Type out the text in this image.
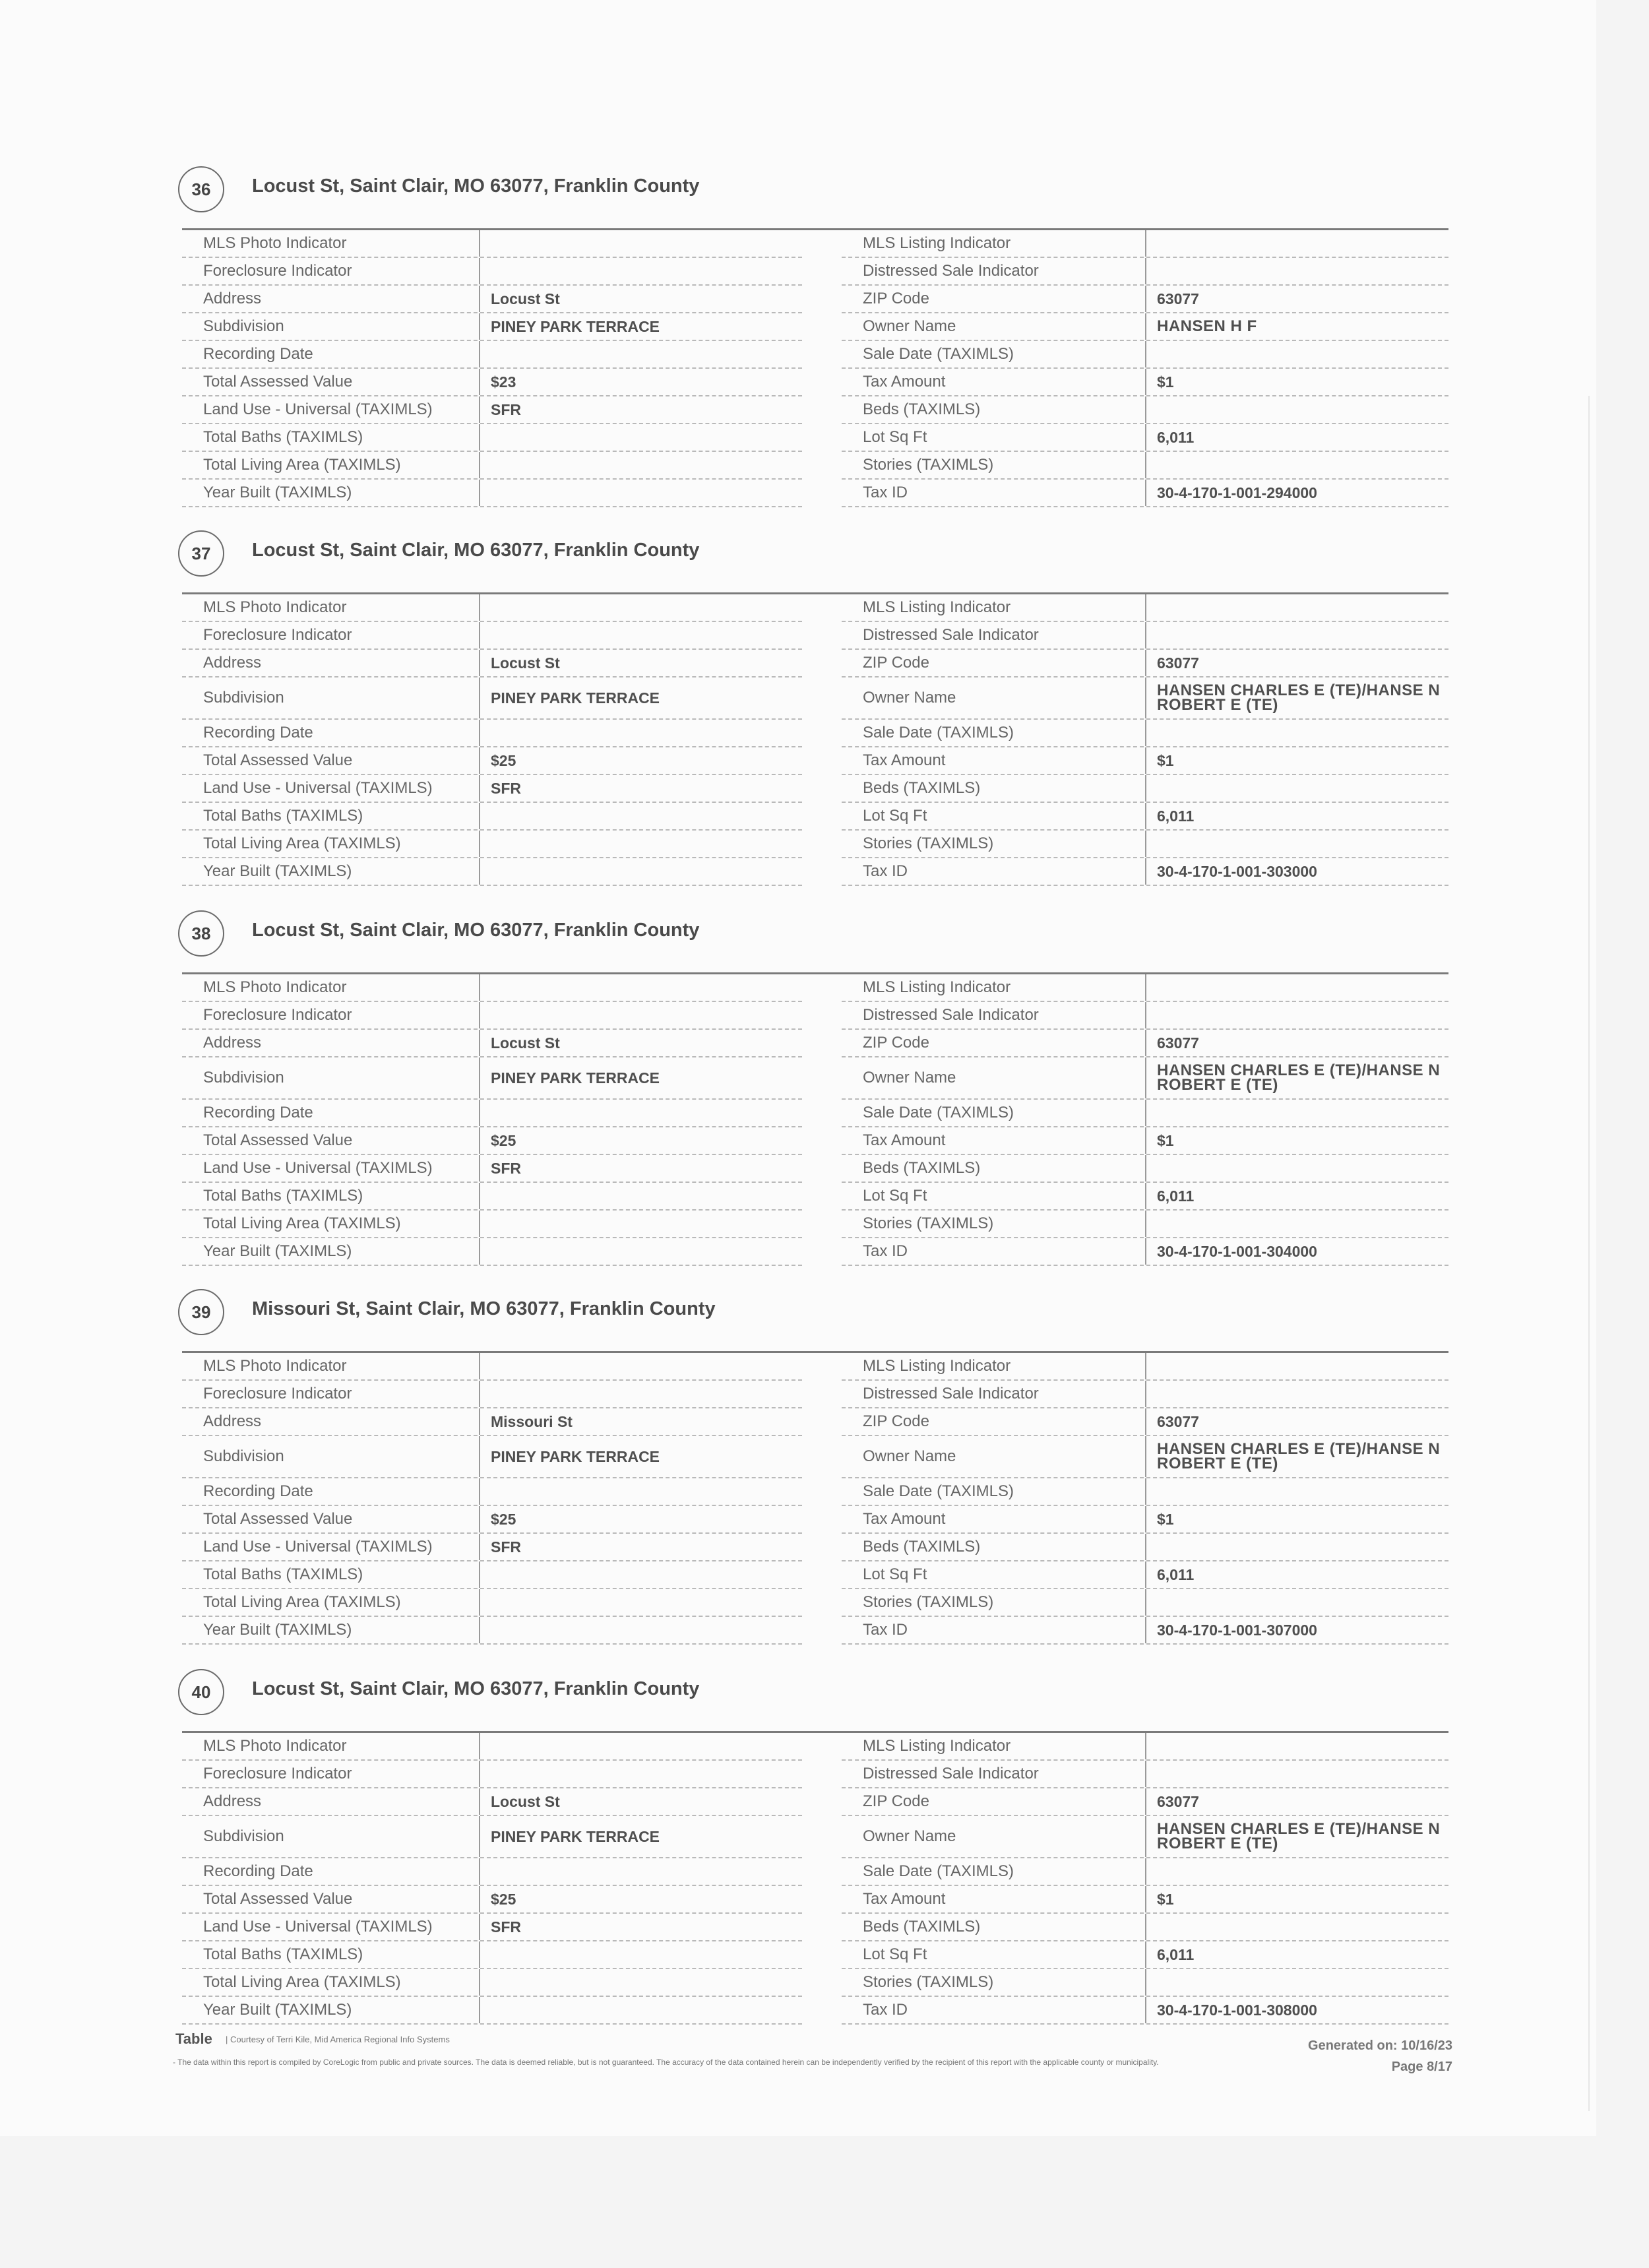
36	Locust St, Saint Clair, MO 63077, Franklin County
MLS Photo Indicator
Foreclosure Indicator
Address	Locust St
Subdivision	PINEY PARK TERRACE
Recording Date
Total Assessed Value	$23
Land Use - Universal (TAXIMLS)	SFR
Total Baths (TAXIMLS)
Total Living Area (TAXIMLS)
Year Built (TAXIMLS)
MLS Listing Indicator
Distressed Sale Indicator
ZIP Code	63077
Owner Name	HANSEN H F
Sale Date (TAXIMLS)
Tax Amount	$1
Beds (TAXIMLS)
Lot Sq Ft	6,011
Stories (TAXIMLS)
Tax ID	30-4-170-1-001-294000
37	Locust St, Saint Clair, MO 63077, Franklin County
MLS Photo Indicator
Foreclosure Indicator
Address	Locust St
Subdivision	PINEY PARK TERRACE
Recording Date
Total Assessed Value	$25
Land Use - Universal (TAXIMLS)	SFR
Total Baths (TAXIMLS)
Total Living Area (TAXIMLS)
Year Built (TAXIMLS)
MLS Listing Indicator
Distressed Sale Indicator
ZIP Code	63077
Owner Name	HANSEN CHARLES E (TE)/HANSE N ROBERT E (TE)
Sale Date (TAXIMLS)
Tax Amount	$1
Beds (TAXIMLS)
Lot Sq Ft	6,011
Stories (TAXIMLS)
Tax ID	30-4-170-1-001-303000
38	Locust St, Saint Clair, MO 63077, Franklin County
MLS Photo Indicator
Foreclosure Indicator
Address	Locust St
Subdivision	PINEY PARK TERRACE
Recording Date
Total Assessed Value	$25
Land Use - Universal (TAXIMLS)	SFR
Total Baths (TAXIMLS)
Total Living Area (TAXIMLS)
Year Built (TAXIMLS)
MLS Listing Indicator
Distressed Sale Indicator
ZIP Code	63077
Owner Name	HANSEN CHARLES E (TE)/HANSE N ROBERT E (TE)
Sale Date (TAXIMLS)
Tax Amount	$1
Beds (TAXIMLS)
Lot Sq Ft	6,011
Stories (TAXIMLS)
Tax ID	30-4-170-1-001-304000
39	Missouri St, Saint Clair, MO 63077, Franklin County
MLS Photo Indicator
Foreclosure Indicator
Address	Missouri St
Subdivision	PINEY PARK TERRACE
Recording Date
Total Assessed Value	$25
Land Use - Universal (TAXIMLS)	SFR
Total Baths (TAXIMLS)
Total Living Area (TAXIMLS)
Year Built (TAXIMLS)
MLS Listing Indicator
Distressed Sale Indicator
ZIP Code	63077
Owner Name	HANSEN CHARLES E (TE)/HANSE N ROBERT E (TE)
Sale Date (TAXIMLS)
Tax Amount	$1
Beds (TAXIMLS)
Lot Sq Ft	6,011
Stories (TAXIMLS)
Tax ID	30-4-170-1-001-307000
40	Locust St, Saint Clair, MO 63077, Franklin County
MLS Photo Indicator
Foreclosure Indicator
Address	Locust St
Subdivision	PINEY PARK TERRACE
Recording Date
Total Assessed Value	$25
Land Use - Universal (TAXIMLS)	SFR
Total Baths (TAXIMLS)
Total Living Area (TAXIMLS)
Year Built (TAXIMLS)
MLS Listing Indicator
Distressed Sale Indicator
ZIP Code	63077
Owner Name	HANSEN CHARLES E (TE)/HANSE N ROBERT E (TE)
Sale Date (TAXIMLS)
Tax Amount	$1
Beds (TAXIMLS)
Lot Sq Ft	6,011
Stories (TAXIMLS)
Tax ID	30-4-170-1-001-308000
Table | Courtesy of Terri Kile, Mid America Regional Info Systems
- The data within this report is compiled by CoreLogic from public and private sources. The data is deemed reliable, but is not guaranteed. The accuracy of the data contained herein can be independently verified by the recipient of this report with the applicable county or municipality.
Generated on: 10/16/23
Page 8/17
